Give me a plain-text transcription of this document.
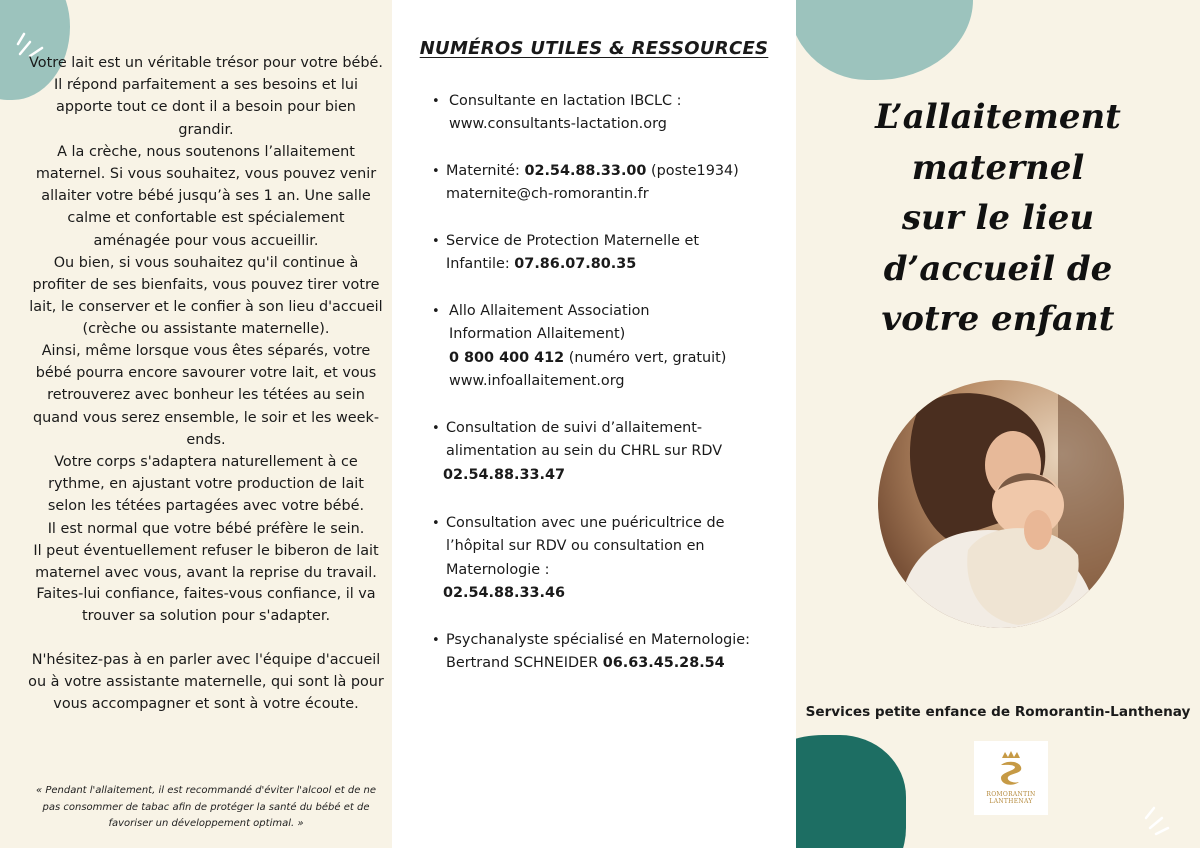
Votre lait est un véritable trésor pour votre bébé. Il répond parfaitement a ses besoins et lui apporte tout ce dont il a besoin pour bien grandir.

A la crèche, nous soutenons l’allaitement maternel. Si vous souhaitez, vous pouvez venir allaiter votre bébé jusqu’à ses 1 an. Une salle calme et confortable est spécialement aménagée pour vous accueillir.

Ou bien, si vous souhaitez qu'il continue à profiter de ses bienfaits, vous pouvez tirer votre lait, le conserver et le confier à son lieu d'accueil (crèche ou assistante maternelle).

Ainsi, même lorsque vous êtes séparés, votre bébé pourra encore savourer votre lait, et vous retrouverez avec bonheur les tétées au sein quand vous serez ensemble, le soir et les week-ends.

Votre corps s'adaptera naturellement à ce rythme, en ajustant votre production de lait selon les tétées partagées avec votre bébé.

Il est normal que votre bébé préfère le sein.

Il peut éventuellement refuser le biberon de lait maternel avec vous, avant la reprise du travail.

Faites-lui confiance, faites-vous confiance, il va trouver sa solution pour s'adapter.

N'hésitez-pas à en parler avec l'équipe d'accueil ou à votre assistante maternelle, qui sont là pour vous accompagner et sont à votre écoute.

« Pendant l'allaitement, il est recommandé d'éviter l'alcool et de ne pas consommer de tabac afin de protéger la santé du bébé et de favoriser un développement optimal. »
NUMÉROS UTILES & RESSOURCES
• Consultante en lactation IBCLC :
www.consultants-lactation.org
• Maternité: 02.54.88.33.00 (poste1934)
maternite@ch-romorantin.fr
• Service de Protection Maternelle et
Infantile: 07.86.07.80.35
• Allo Allaitement Association
Information Allaitement)
0 800 400 412 (numéro vert, gratuit)
www.infoallaitement.org
• Consultation de suivi d’allaitement-
alimentation au sein du CHRL sur RDV
02.54.88.33.47
• Consultation avec une puéricultrice de
l’hôpital sur RDV ou consultation en
Maternologie :
02.54.88.33.46
• Psychanalyste spécialisé en Maternologie:
Bertrand SCHNEIDER 06.63.45.28.54
L’allaitement
maternel
sur le lieu
d’accueil de
votre enfant
Services petite enfance de Romorantin-Lanthenay
ROMORANTIN
LANTHENAY
